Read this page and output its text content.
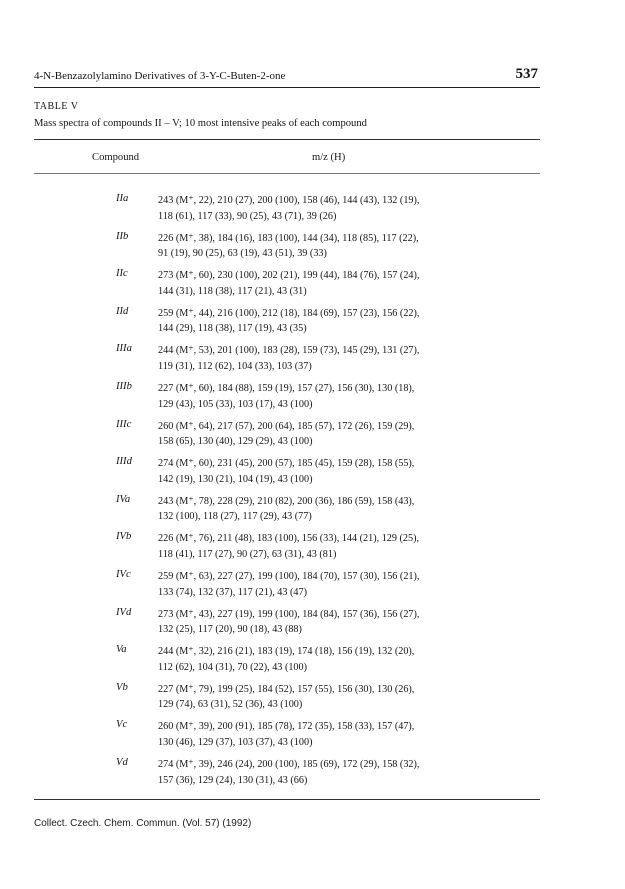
4-N-Benzazolylamino Derivatives of 3-Y-C-Buten-2-one	537
TABLE V
Mass spectra of compounds II – V; 10 most intensive peaks of each compound
Compound	m/z (H)
IIa	243 (M⁺, 22), 210 (27), 200 (100), 158 (46), 144 (43), 132 (19),
118 (61), 117 (33), 90 (25), 43 (71), 39 (26)
IIb	226 (M⁺, 38), 184 (16), 183 (100), 144 (34), 118 (85), 117 (22),
91 (19), 90 (25), 63 (19), 43 (51), 39 (33)
IIc	273 (M⁺, 60), 230 (100), 202 (21), 199 (44), 184 (76), 157 (24),
144 (31), 118 (38), 117 (21), 43 (31)
IId	259 (M⁺, 44), 216 (100), 212 (18), 184 (69), 157 (23), 156 (22),
144 (29), 118 (38), 117 (19), 43 (35)
IIIa	244 (M⁺, 53), 201 (100), 183 (28), 159 (73), 145 (29), 131 (27),
119 (31), 112 (62), 104 (33), 103 (37)
IIIb	227 (M⁺, 60), 184 (88), 159 (19), 157 (27), 156 (30), 130 (18),
129 (43), 105 (33), 103 (17), 43 (100)
IIIc	260 (M⁺, 64), 217 (57), 200 (64), 185 (57), 172 (26), 159 (29),
158 (65), 130 (40), 129 (29), 43 (100)
IIId	274 (M⁺, 60), 231 (45), 200 (57), 185 (45), 159 (28), 158 (55),
142 (19), 130 (21), 104 (19), 43 (100)
IVa	243 (M⁺, 78), 228 (29), 210 (82), 200 (36), 186 (59), 158 (43),
132 (100), 118 (27), 117 (29), 43 (77)
IVb	226 (M⁺, 76), 211 (48), 183 (100), 156 (33), 144 (21), 129 (25),
118 (41), 117 (27), 90 (27), 63 (31), 43 (81)
IVc	259 (M⁺, 63), 227 (27), 199 (100), 184 (70), 157 (30), 156 (21),
133 (74), 132 (37), 117 (21), 43 (47)
IVd	273 (M⁺, 43), 227 (19), 199 (100), 184 (84), 157 (36), 156 (27),
132 (25), 117 (20), 90 (18), 43 (88)
Va	244 (M⁺, 32), 216 (21), 183 (19), 174 (18), 156 (19), 132 (20),
112 (62), 104 (31), 70 (22), 43 (100)
Vb	227 (M⁺, 79), 199 (25), 184 (52), 157 (55), 156 (30), 130 (26),
129 (74), 63 (31), 52 (36), 43 (100)
Vc	260 (M⁺, 39), 200 (91), 185 (78), 172 (35), 158 (33), 157 (47),
130 (46), 129 (37), 103 (37), 43 (100)
Vd	274 (M⁺, 39), 246 (24), 200 (100), 185 (69), 172 (29), 158 (32),
157 (36), 129 (24), 130 (31), 43 (66)
Collect. Czech. Chem. Commun. (Vol. 57) (1992)
